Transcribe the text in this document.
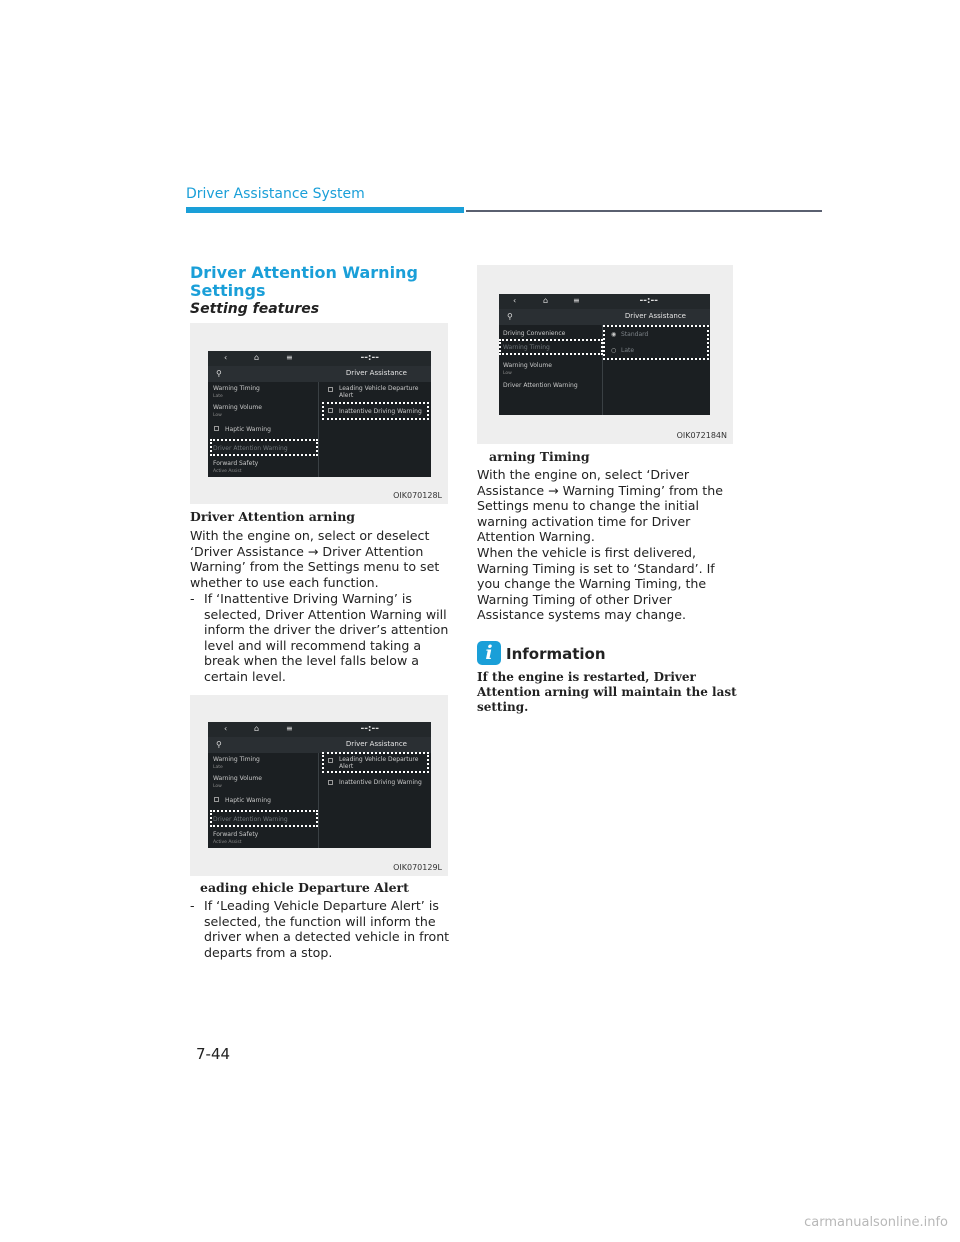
Driver Assistance System
Driver Attention Warning Settings
Setting features
‹	⌂	≡	--:--
⚲	Driver Assistance
Warning Timing
Late
Warning Volume
Low
Haptic Warning
Driver Attention Warning
Forward Safety
Active Assist
Leading Vehicle Departure Alert
Inattentive Driving Warning
OIK070128L
Driver Attention arning
With the engine on, select or deselect ‘Driver Assistance → Driver Attention Warning’ from the Settings menu to set whether to use each function.
- If ‘Inattentive Driving Warning’ is selected, Driver Attention Warning will inform the driver the driver’s attention level and will recommend taking a break when the level falls below a certain level.
‹	⌂	≡	--:--
⚲	Driver Assistance
Warning Timing
Late
Warning Volume
Low
Haptic Warning
Driver Attention Warning
Forward Safety
Active Assist
Leading Vehicle Departure Alert
Inattentive Driving Warning
OIK070129L
eading ehicle Departure Alert
- If ‘Leading Vehicle Departure Alert’ is selected, the function will inform the driver when a detected vehicle in front departs from a stop.
‹	⌂	≡	--:--
⚲	Driver Assistance
Driving Convenience
Warning Timing
Warning Volume
Low
Driver Attention Warning
◉ Standard
○ Late
OIK072184N
arning Timing
With the engine on, select ‘Driver Assistance → Warning Timing’ from the Settings menu to change the initial warning activation time for Driver Attention Warning.
When the vehicle is first delivered, Warning Timing is set to ‘Standard’. If you change the Warning Timing, the Warning Timing of other Driver Assistance systems may change.
i Information
If the engine is restarted, Driver Attention arning will maintain the last setting.
7-44
carmanualsonline.info
